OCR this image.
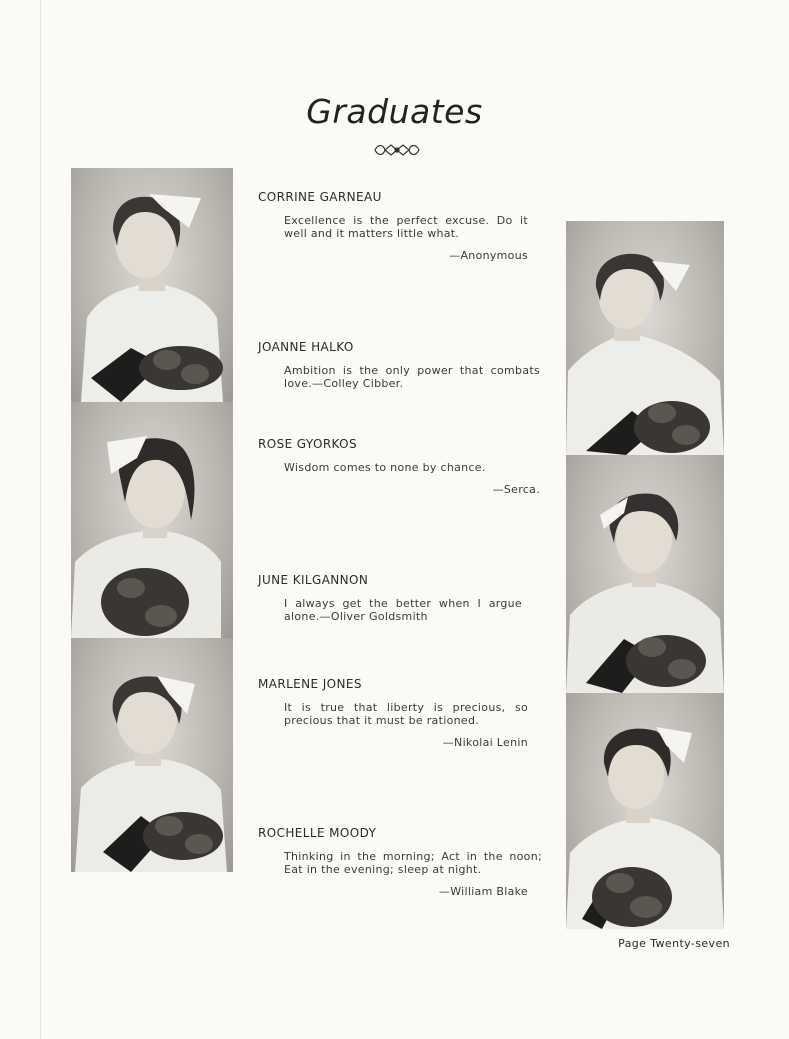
Graduates
CORRINE GARNEAU
Excellence is the perfect excuse. Do it well and it matters little what.
—Anonymous
JOANNE HALKO
Ambition is the only power that combats love.—Colley Cibber.
ROSE GYORKOS
Wisdom comes to none by chance.
—Serca.
JUNE KILGANNON
I always get the better when I argue alone.—Oliver Goldsmith
MARLENE JONES
It is true that liberty is precious, so precious that it must be rationed.
—Nikolai Lenin
ROCHELLE MOODY
Thinking in the morning; Act in the noon; Eat in the evening; sleep at night.
—William Blake
Page Twenty-seven
